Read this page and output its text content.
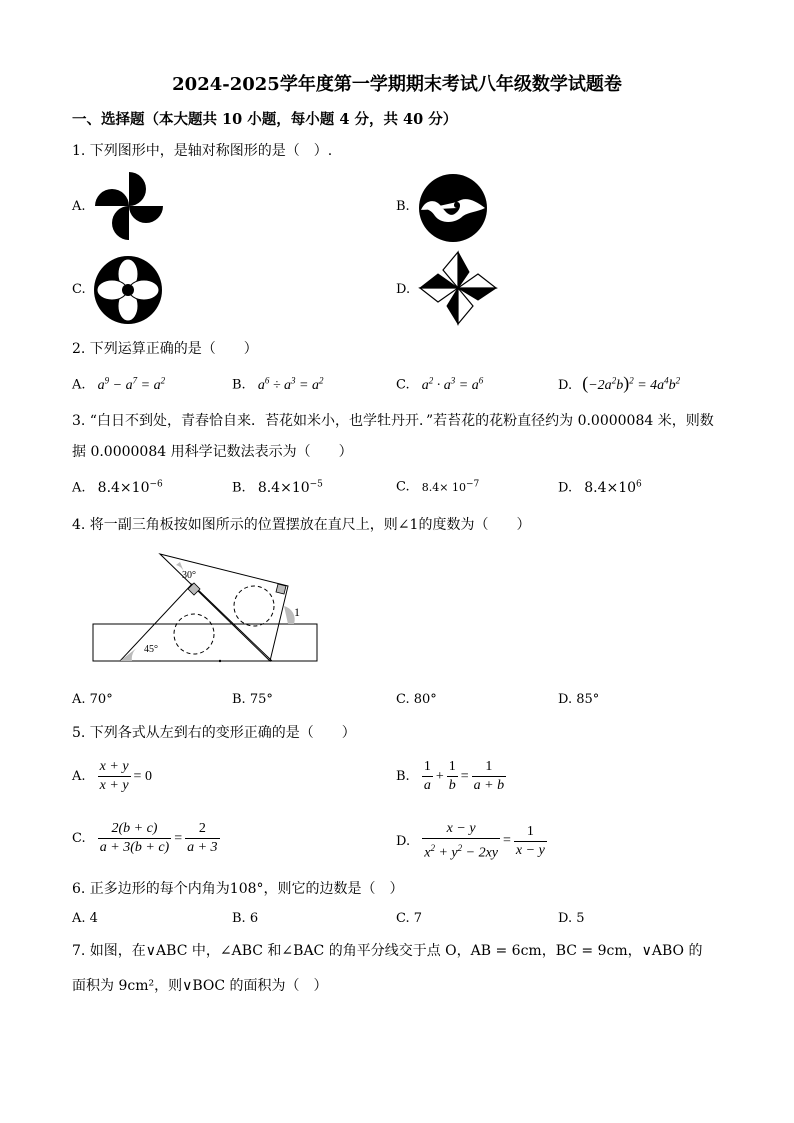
2024-2025学年度第一学期期末考试八年级数学试题卷
一、选择题（本大题共 10 小题，每小题 4 分，共 40 分）
1. 下列图形中，是轴对称图形的是（　）.
A.	B.
C.	D.
2. 下列运算正确的是（　　）
A. $a^9 - a^7 = a^2$	B. $a^6 \div a^3 = a^2$	C. $a^2 \cdot a^3 = a^6$	D. $(-2a^2b)^2 = 4a^4b^2$
3. “白日不到处，青春恰自来．苔花如米小，也学牡丹开．”若苔花的花粉直径约为 0.0000084 米，则数
据 0.0000084 用科学记数法表示为（　　）
A. $8.4\times 10^{-6}$	B. $8.4\times 10^{-5}$	C. $8.4\times 10^{-7}$	D. $8.4\times 10^6$
4. 将一副三角板按如图所示的位置摆放在直尺上，则∠1的度数为（　　）
30°
45°
1
A. 70°	B. 75°	C. 80°	D. 85°
5. 下列各式从左到右的变形正确的是（　　）
A. $\frac{x + y}{x + y} = 0$	B. $\frac{1}{a} + \frac{1}{b} = \frac{1}{a + b}$
C. $\frac{2(b + c)}{a + 3(b + c)} = \frac{2}{a + 3}$	D. $\frac{x - y}{x^2 + y^2 - 2xy} = \frac{1}{x - y}$
6. 正多边形的每个内角为108°，则它的边数是（　）
A. 4	B. 6	C. 7	D. 5
7. 如图，在∨ABC 中，∠ABC 和∠BAC 的角平分线交于点 O，AB = 6cm，BC = 9cm，∨ABO 的
面积为 9cm²，则∨BOC 的面积为（　）
